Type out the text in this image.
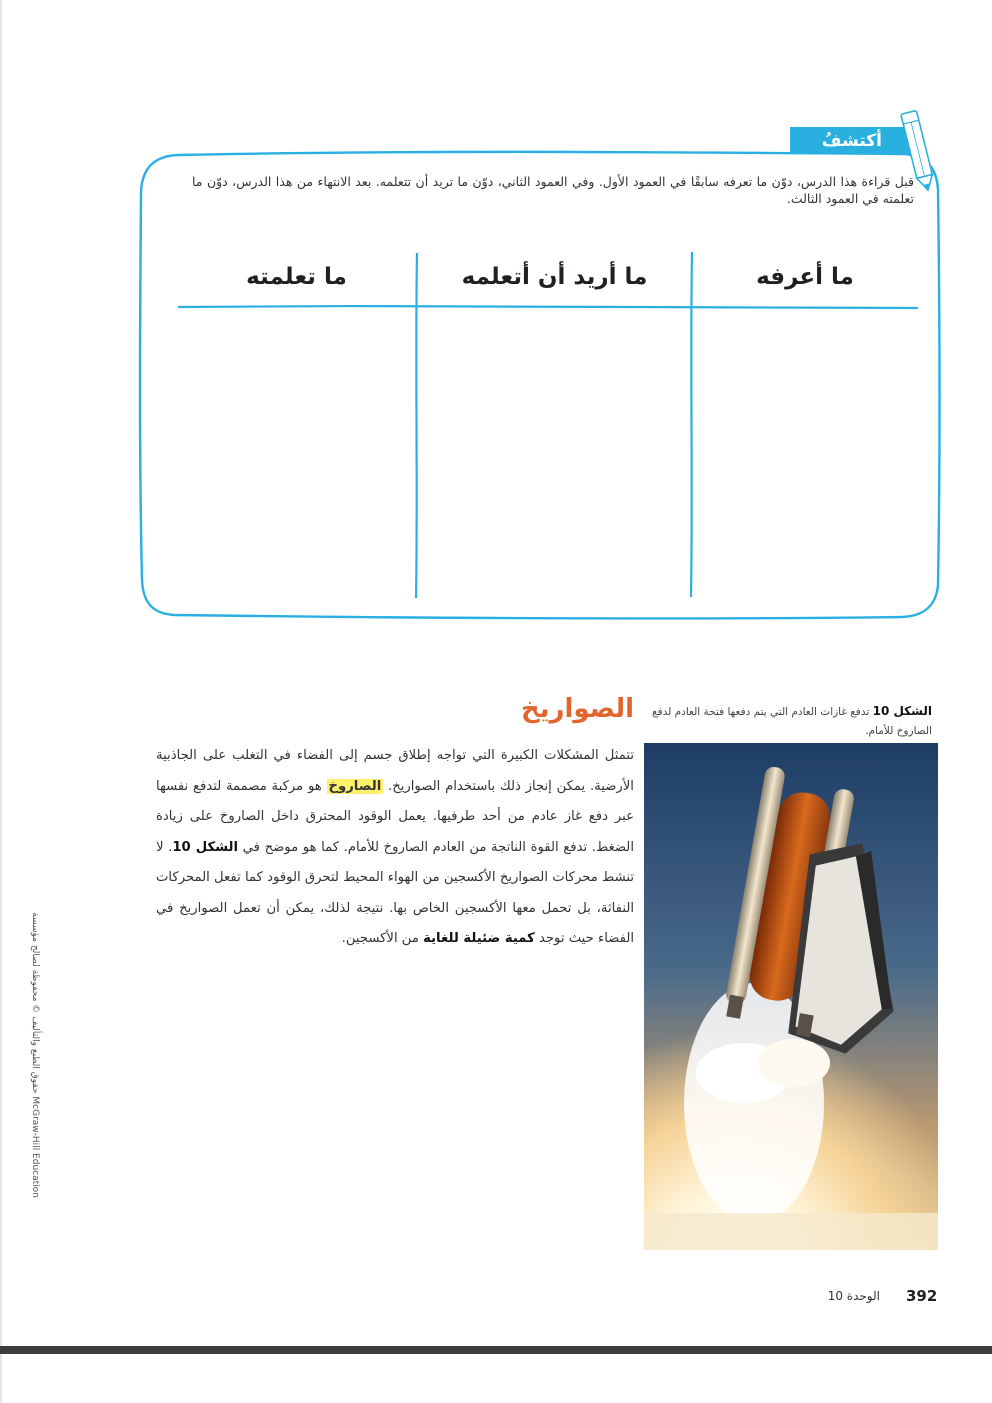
أكتشفُ
قبل قراءة هذا الدرس، دوّن ما تعرفه سابقًا في العمود الأول. وفي العمود الثاني، دوّن ما تريد أن تتعلمه. بعد الانتهاء من هذا الدرس، دوّن ما تعلمته في العمود الثالث.
ما أعرفه
ما أريد أن أتعلمه
ما تعلمته
الصواريخ
تتمثل المشكلات الكبيرة التي تواجه إطلاق جسم إلى الفضاء في التغلب على الجاذبية الأرضية. يمكن إنجاز ذلك باستخدام الصواريخ. الصاروخ هو مركبة مصممة لتدفع نفسها عبر دفع غاز عادم من أحد طرفيها. يعمل الوقود المحترق داخل الصاروخ على زيادة الضغط. تدفع القوة الناتجة من العادم الصاروخ للأمام. كما هو موضح في الشكل 10. لا تنشط محركات الصواريخ الأكسجين من الهواء المحيط لتحرق الوقود كما تفعل المحركات النفاثة، بل تحمل معها الأكسجين الخاص بها. نتيجة لذلك، يمكن أن تعمل الصواريخ في الفضاء حيث توجد كمية ضئيلة للغاية من الأكسجين.
الشكل 10 تدفع غازات العادم التي يتم دفعها فتحة العادم لدفع الصاروخ للأمام.
حقوق الطبع والتأليف © محفوظة لصالح مؤسسة McGraw-Hill Education
392
الوحدة 10
